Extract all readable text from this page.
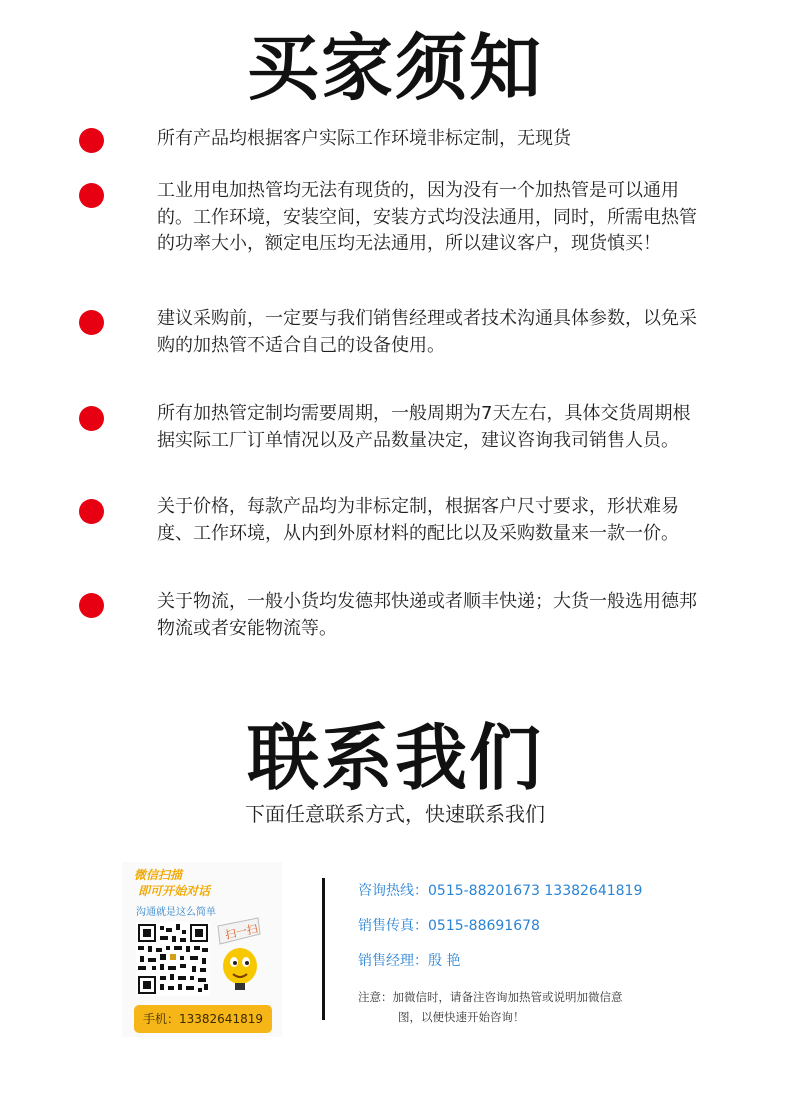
买家须知

所有产品均根据客户实际工作环境非标定制，无现货

工业用电加热管均无法有现货的，因为没有一个加热管是可以通用的。工作环境，安装空间，安装方式均没法通用，同时，所需电热管的功率大小，额定电压均无法通用，所以建议客户，现货慎买！

建议采购前，一定要与我们销售经理或者技术沟通具体参数，以免采购的加热管不适合自己的设备使用。

所有加热管定制均需要周期，一般周期为7天左右，具体交货周期根据实际工厂订单情况以及产品数量决定，建议咨询我司销售人员。

关于价格，每款产品均为非标定制，根据客户尺寸要求，形状难易度、工作环境，从内到外原材料的配比以及采购数量来一款一价。

关于物流，一般小货均发德邦快递或者顺丰快递；大货一般选用德邦物流或者安能物流等。

联系我们
下面任意联系方式，快速联系我们
微信扫描
即可开始对话
沟通就是这么简单
扫一扫
手机：13382641819
咨询热线：0515-88201673 13382641819
销售传真：0515-88691678
销售经理：殷 艳
注意：加微信时，请备注咨询加热管或说明加微信意
图，以便快速开始咨询！
